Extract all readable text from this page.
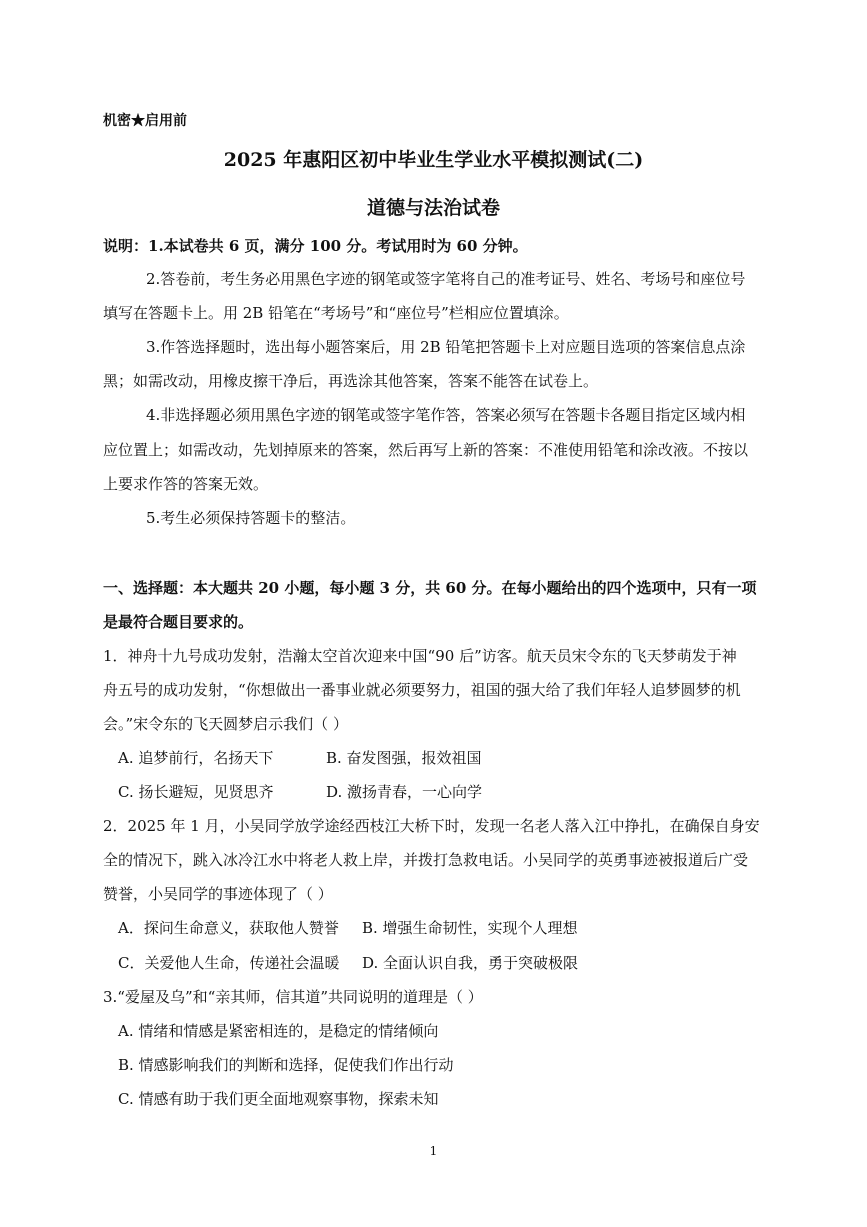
机密★启用前
2025 年惠阳区初中毕业生学业水平模拟测试(二)
道德与法治试卷
说明：1.本试卷共 6 页，满分 100 分。考试用时为 60 分钟。
2.答卷前，考生务必用黑色字迹的钢笔或签字笔将自己的准考证号、姓名、考场号和座位号
填写在答题卡上。用 2B 铅笔在“考场号”和“座位号”栏相应位置填涂。
3.作答选择题时，选出每小题答案后，用 2B 铅笔把答题卡上对应题目选项的答案信息点涂
黑；如需改动，用橡皮擦干净后，再选涂其他答案，答案不能答在试卷上。
4.非选择题必须用黑色字迹的钢笔或签字笔作答，答案必须写在答题卡各题目指定区域内相
应位置上；如需改动，先划掉原来的答案，然后再写上新的答案：不准使用铅笔和涂改液。不按以
上要求作答的答案无效。
5.考生必须保持答题卡的整洁。
一、选择题：本大题共 20 小题，每小题 3 分，共 60 分。在每小题给出的四个选项中，只有一项
是最符合题目要求的。
1．神舟十九号成功发射，浩瀚太空首次迎来中国“90 后”访客。航天员宋令东的飞天梦萌发于神
舟五号的成功发射，“你想做出一番事业就必须要努力，祖国的强大给了我们年轻人追梦圆梦的机
会。”宋令东的飞天圆梦启示我们（ ）
A. 追梦前行，名扬天下	B. 奋发图强，报效祖国
C. 扬长避短，见贤思齐	D. 激扬青春，一心向学
2．2025 年 1 月，小吴同学放学途经西枝江大桥下时，发现一名老人落入江中挣扎，在确保自身安
全的情况下，跳入冰冷江水中将老人救上岸，并拨打急救电话。小吴同学的英勇事迹被报道后广受
赞誉，小吴同学的事迹体现了（ ）
A．探问生命意义，获取他人赞誉 B. 增强生命韧性，实现个人理想
C．关爱他人生命，传递社会温暖 D. 全面认识自我，勇于突破极限
3.“爱屋及乌”和“亲其师，信其道”共同说明的道理是（ ）
A. 情绪和情感是紧密相连的，是稳定的情绪倾向
B. 情感影响我们的判断和选择，促使我们作出行动
C. 情感有助于我们更全面地观察事物，探索未知
1
